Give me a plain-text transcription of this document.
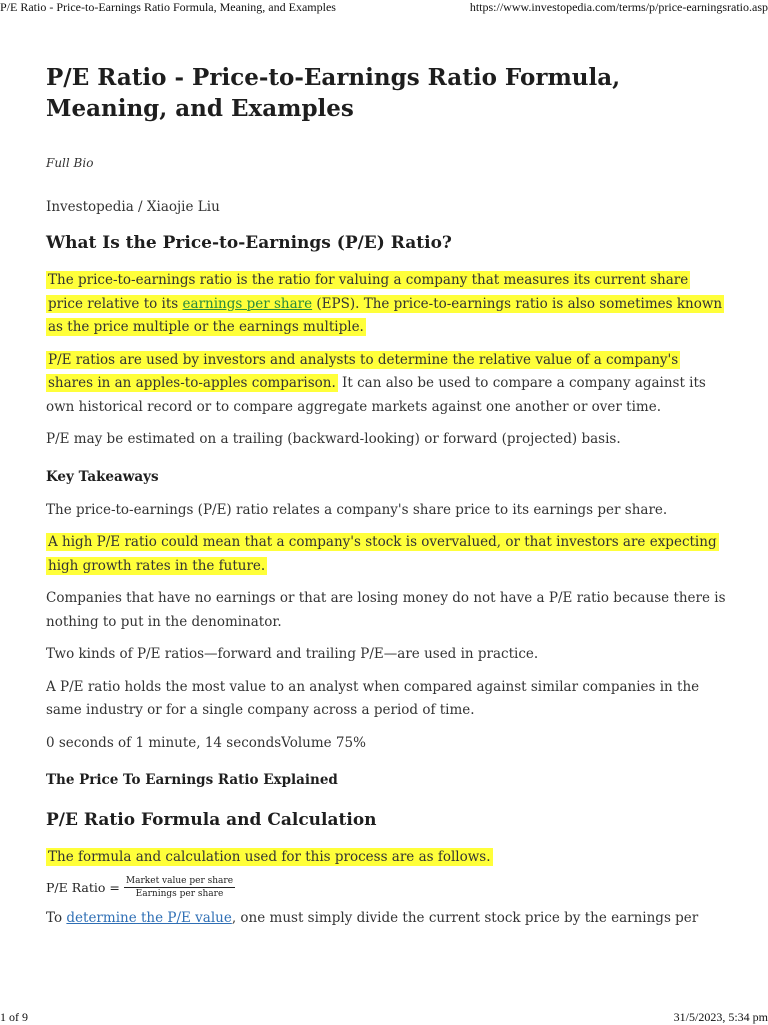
P/E Ratio - Price-to-Earnings Ratio Formula, Meaning, and Examples	https://www.investopedia.com/terms/p/price-earningsratio.asp
P/E Ratio - Price-to-Earnings Ratio Formula, Meaning, and Examples
Full Bio
Investopedia / Xiaojie Liu
What Is the Price-to-Earnings (P/E) Ratio?

The price-to-earnings ratio is the ratio for valuing a company that measures its current share price relative to its earnings per share (EPS). The price-to-earnings ratio is also sometimes known as the price multiple or the earnings multiple.

P/E ratios are used by investors and analysts to determine the relative value of a company's shares in an apples-to-apples comparison. It can also be used to compare a company against its own historical record or to compare aggregate markets against one another or over time.

P/E may be estimated on a trailing (backward-looking) or forward (projected) basis.

Key Takeaways

The price-to-earnings (P/E) ratio relates a company's share price to its earnings per share.

A high P/E ratio could mean that a company's stock is overvalued, or that investors are expecting high growth rates in the future.

Companies that have no earnings or that are losing money do not have a P/E ratio because there is nothing to put in the denominator.

Two kinds of P/E ratios—forward and trailing P/E—are used in practice.

A P/E ratio holds the most value to an analyst when compared against similar companies in the same industry or for a single company across a period of time.

0 seconds of 1 minute, 14 secondsVolume 75%

The Price To Earnings Ratio Explained
P/E Ratio Formula and Calculation

The formula and calculation used for this process are as follows.

P/E Ratio = $\frac{\text{Market value per share}}{\text{Earnings per share}}$

To determine the P/E value, one must simply divide the current stock price by the earnings per

1 of 9	31/5/2023, 5:34 pm
